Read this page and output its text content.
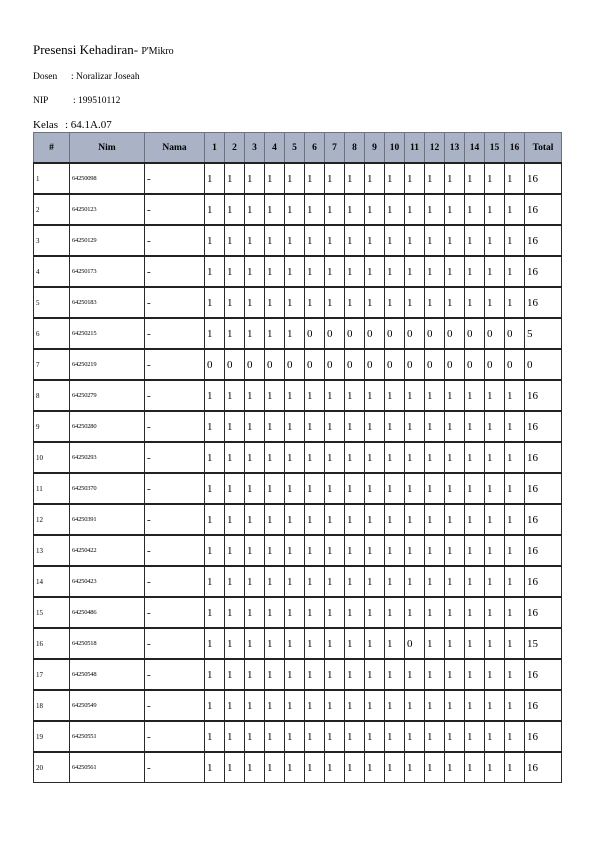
Presensi Kehadiran- P'Mikro
Dosen : Noralizar Joseah
NIP	: 199510112
Kelas : 64.1A.07
#	Nim	Nama	1	2	3	4	5	6	7	8	9	10	11	12	13	14	15	16	Total
1	64250098	-	1	1	1	1	1	1	1	1	1	1	1	1	1	1	1	1	16
2	64250123	-	1	1	1	1	1	1	1	1	1	1	1	1	1	1	1	1	16
3	64250129	-	1	1	1	1	1	1	1	1	1	1	1	1	1	1	1	1	16
4	64250173	-	1	1	1	1	1	1	1	1	1	1	1	1	1	1	1	1	16
5	64250183	-	1	1	1	1	1	1	1	1	1	1	1	1	1	1	1	1	16
6	64250215	-	1	1	1	1	1	0	0	0	0	0	0	0	0	0	0	0	5
7	64250219	-	0	0	0	0	0	0	0	0	0	0	0	0	0	0	0	0	0
8	64250279	-	1	1	1	1	1	1	1	1	1	1	1	1	1	1	1	1	16
9	64250280	-	1	1	1	1	1	1	1	1	1	1	1	1	1	1	1	1	16
10	64250293	-	1	1	1	1	1	1	1	1	1	1	1	1	1	1	1	1	16
11	64250370	-	1	1	1	1	1	1	1	1	1	1	1	1	1	1	1	1	16
12	64250391	-	1	1	1	1	1	1	1	1	1	1	1	1	1	1	1	1	16
13	64250422	-	1	1	1	1	1	1	1	1	1	1	1	1	1	1	1	1	16
14	64250423	-	1	1	1	1	1	1	1	1	1	1	1	1	1	1	1	1	16
15	64250486	-	1	1	1	1	1	1	1	1	1	1	1	1	1	1	1	1	16
16	64250518	-	1	1	1	1	1	1	1	1	1	1	0	1	1	1	1	1	15
17	64250548	-	1	1	1	1	1	1	1	1	1	1	1	1	1	1	1	1	16
18	64250549	-	1	1	1	1	1	1	1	1	1	1	1	1	1	1	1	1	16
19	64250551	-	1	1	1	1	1	1	1	1	1	1	1	1	1	1	1	1	16
20	64250561	-	1	1	1	1	1	1	1	1	1	1	1	1	1	1	1	1	16
